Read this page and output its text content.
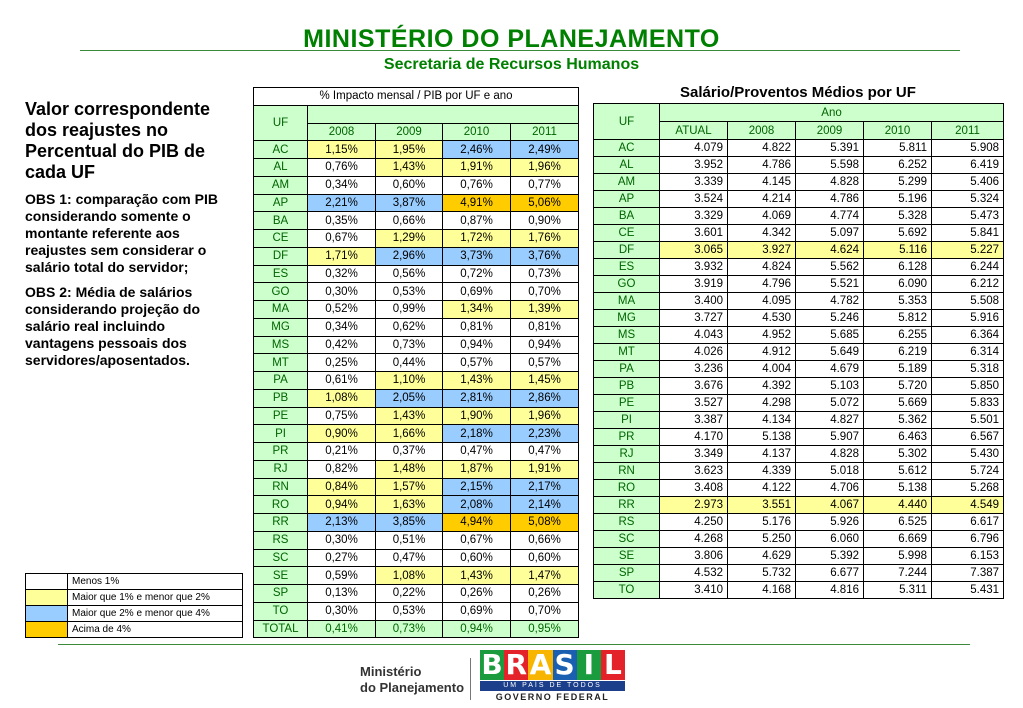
MINISTÉRIO DO PLANEJAMENTO
Secretaria de Recursos Humanos
Valor correspondente dos reajustes no Percentual do PIB de cada UF
OBS 1: comparação com PIB considerando somente o montante referente aos reajustes sem considerar o salário total do servidor;
OBS 2: Média de salários considerando projeção do salário real incluindo vantagens pessoais dos servidores/aposentados.
	Menos 1%
	Maior que 1% e menor que 2%
	Maior que 2% e menor que 4%
	Acima de 4%
% Impacto mensal / PIB por UF e ano				
UF				
	2008	2009	2010	2011
AC	1,15%	1,95%	2,46%	2,49%
AL	0,76%	1,43%	1,91%	1,96%
AM	0,34%	0,60%	0,76%	0,77%
AP	2,21%	3,87%	4,91%	5,06%
BA	0,35%	0,66%	0,87%	0,90%
CE	0,67%	1,29%	1,72%	1,76%
DF	1,71%	2,96%	3,73%	3,76%
ES	0,32%	0,56%	0,72%	0,73%
GO	0,30%	0,53%	0,69%	0,70%
MA	0,52%	0,99%	1,34%	1,39%
MG	0,34%	0,62%	0,81%	0,81%
MS	0,42%	0,73%	0,94%	0,94%
MT	0,25%	0,44%	0,57%	0,57%
PA	0,61%	1,10%	1,43%	1,45%
PB	1,08%	2,05%	2,81%	2,86%
PE	0,75%	1,43%	1,90%	1,96%
PI	0,90%	1,66%	2,18%	2,23%
PR	0,21%	0,37%	0,47%	0,47%
RJ	0,82%	1,48%	1,87%	1,91%
RN	0,84%	1,57%	2,15%	2,17%
RO	0,94%	1,63%	2,08%	2,14%
RR	2,13%	3,85%	4,94%	5,08%
RS	0,30%	0,51%	0,67%	0,66%
SC	0,27%	0,47%	0,60%	0,60%
SE	0,59%	1,08%	1,43%	1,47%
SP	0,13%	0,22%	0,26%	0,26%
TO	0,30%	0,53%	0,69%	0,70%
TOTAL	0,41%	0,73%	0,94%	0,95%
Salário/Proventos Médios por UF
UF	Ano				
	ATUAL	2008	2009	2010	2011
AC	4.079	4.822	5.391	5.811	5.908
AL	3.952	4.786	5.598	6.252	6.419
AM	3.339	4.145	4.828	5.299	5.406
AP	3.524	4.214	4.786	5.196	5.324
BA	3.329	4.069	4.774	5.328	5.473
CE	3.601	4.342	5.097	5.692	5.841
DF	3.065	3.927	4.624	5.116	5.227
ES	3.932	4.824	5.562	6.128	6.244
GO	3.919	4.796	5.521	6.090	6.212
MA	3.400	4.095	4.782	5.353	5.508
MG	3.727	4.530	5.246	5.812	5.916
MS	4.043	4.952	5.685	6.255	6.364
MT	4.026	4.912	5.649	6.219	6.314
PA	3.236	4.004	4.679	5.189	5.318
PB	3.676	4.392	5.103	5.720	5.850
PE	3.527	4.298	5.072	5.669	5.833
PI	3.387	4.134	4.827	5.362	5.501
PR	4.170	5.138	5.907	6.463	6.567
RJ	3.349	4.137	4.828	5.302	5.430
RN	3.623	4.339	5.018	5.612	5.724
RO	3.408	4.122	4.706	5.138	5.268
RR	2.973	3.551	4.067	4.440	4.549
RS	4.250	5.176	5.926	6.525	6.617
SC	4.268	5.250	6.060	6.669	6.796
SE	3.806	4.629	5.392	5.998	6.153
SP	4.532	5.732	6.677	7.244	7.387
TO	3.410	4.168	4.816	5.311	5.431
Ministério
do Planejamento
B R A S I L
UM PAÍS DE TODOS
GOVERNO FEDERAL
